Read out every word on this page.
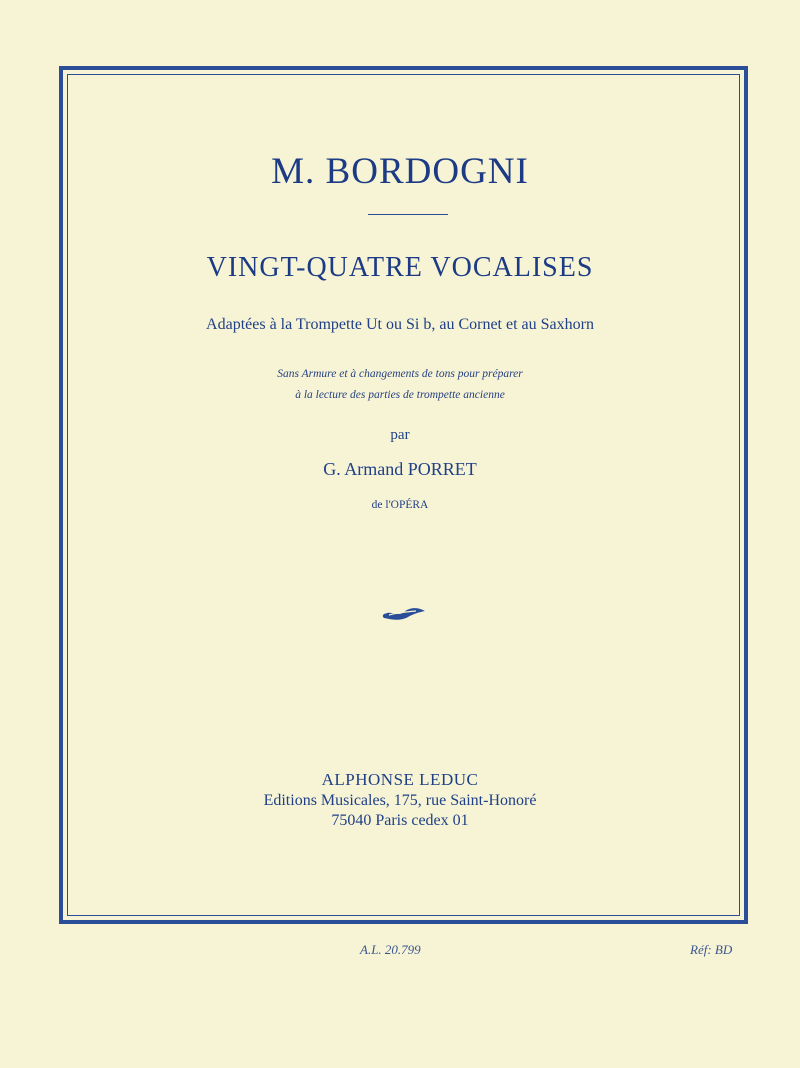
M. BORDOGNI
VINGT-QUATRE VOCALISES
Adaptées à la Trompette Ut ou Si b, au Cornet et au Saxhorn
Sans Armure et à changements de tons pour préparer
à la lecture des parties de trompette ancienne
par
G. Armand PORRET
de l'OPÉRA
ALPHONSE LEDUC
Editions Musicales, 175, rue Saint-Honoré
75040 Paris cedex 01
A.L. 20.799	Réf: BD
